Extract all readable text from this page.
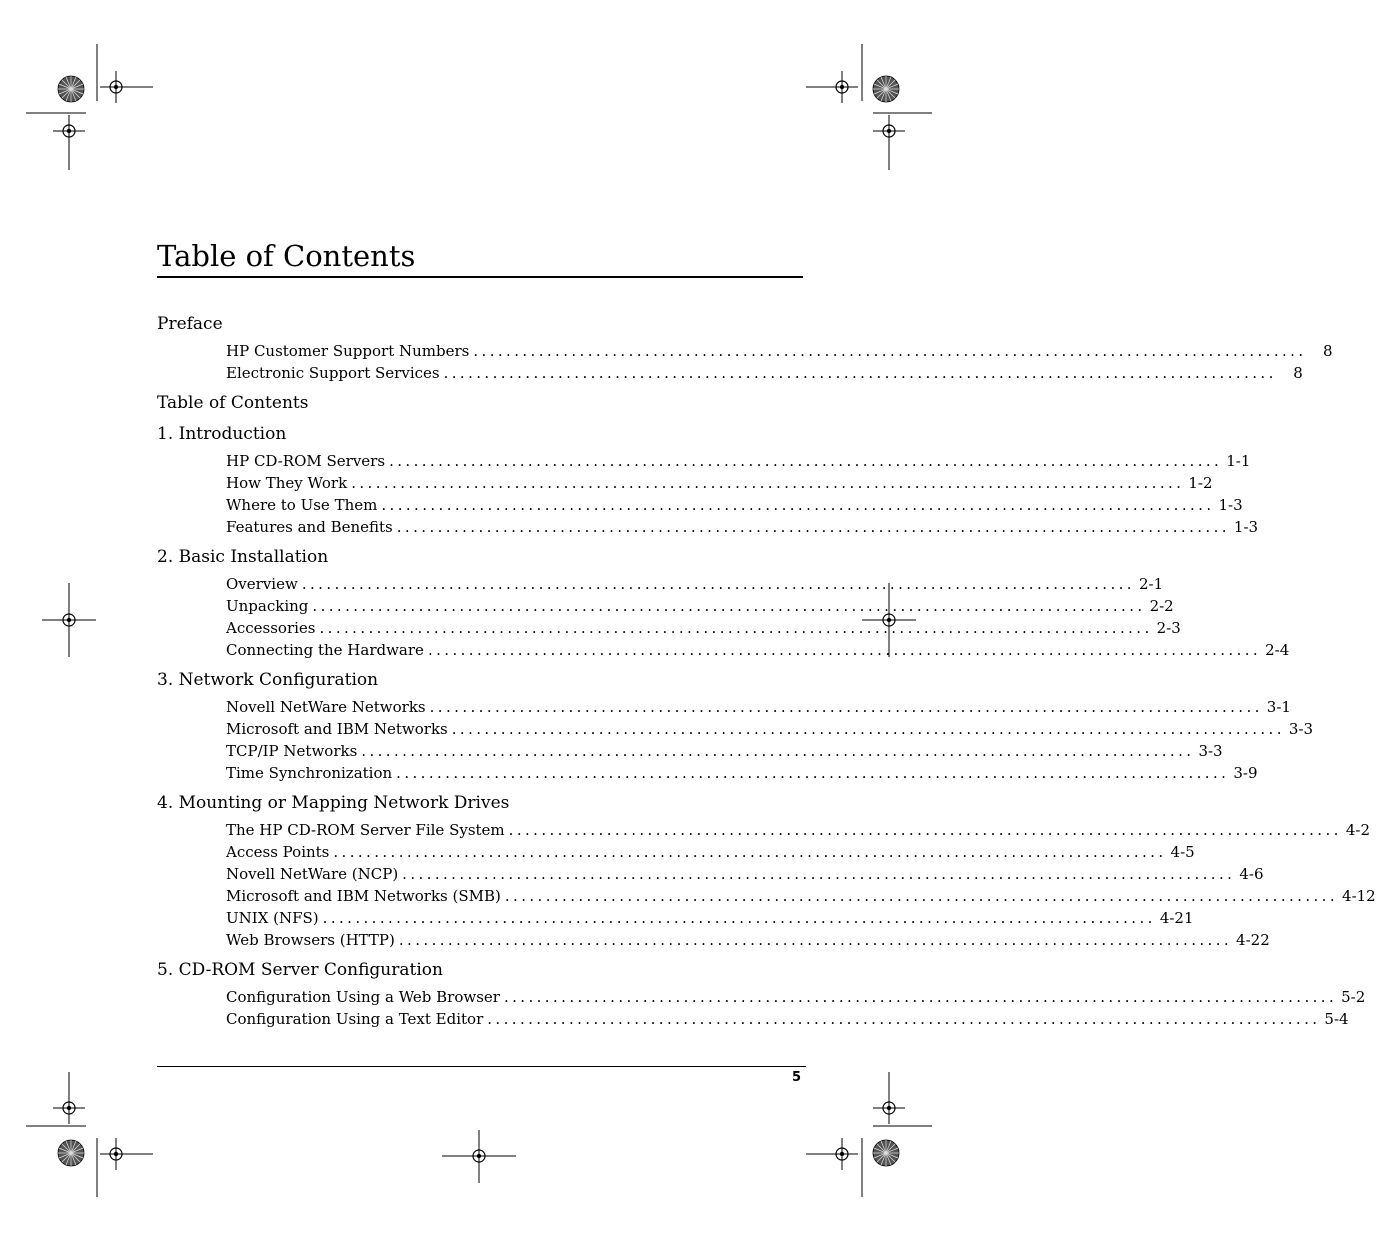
Table of Contents
Preface
HP Customer Support Numbers ......................................................................................................	8
Electronic Support Services ......................................................................................................	8
Table of Contents
1. Introduction
HP CD-ROM Servers ...................................................................................................... 1-1
How They Work ...................................................................................................... 1-2
Where to Use Them ...................................................................................................... 1-3
Features and Benefits ...................................................................................................... 1-3
2. Basic Installation
Overview ...................................................................................................... 2-1
Unpacking ...................................................................................................... 2-2
Accessories ...................................................................................................... 2-3
Connecting the Hardware ...................................................................................................... 2-4
3. Network Configuration
Novell NetWare Networks ...................................................................................................... 3-1
Microsoft and IBM Networks ...................................................................................................... 3-3
TCP/IP Networks ...................................................................................................... 3-3
Time Synchronization ...................................................................................................... 3-9
4. Mounting or Mapping Network Drives
The HP CD-ROM Server File System ...................................................................................................... 4-2
Access Points ...................................................................................................... 4-5
Novell NetWare (NCP) ...................................................................................................... 4-6
Microsoft and IBM Networks (SMB) ...................................................................................................... 4-12
UNIX (NFS) ...................................................................................................... 4-21
Web Browsers (HTTP) ...................................................................................................... 4-22
5. CD-ROM Server Configuration
Configuration Using a Web Browser ...................................................................................................... 5-2
Configuration Using a Text Editor ...................................................................................................... 5-4
5
